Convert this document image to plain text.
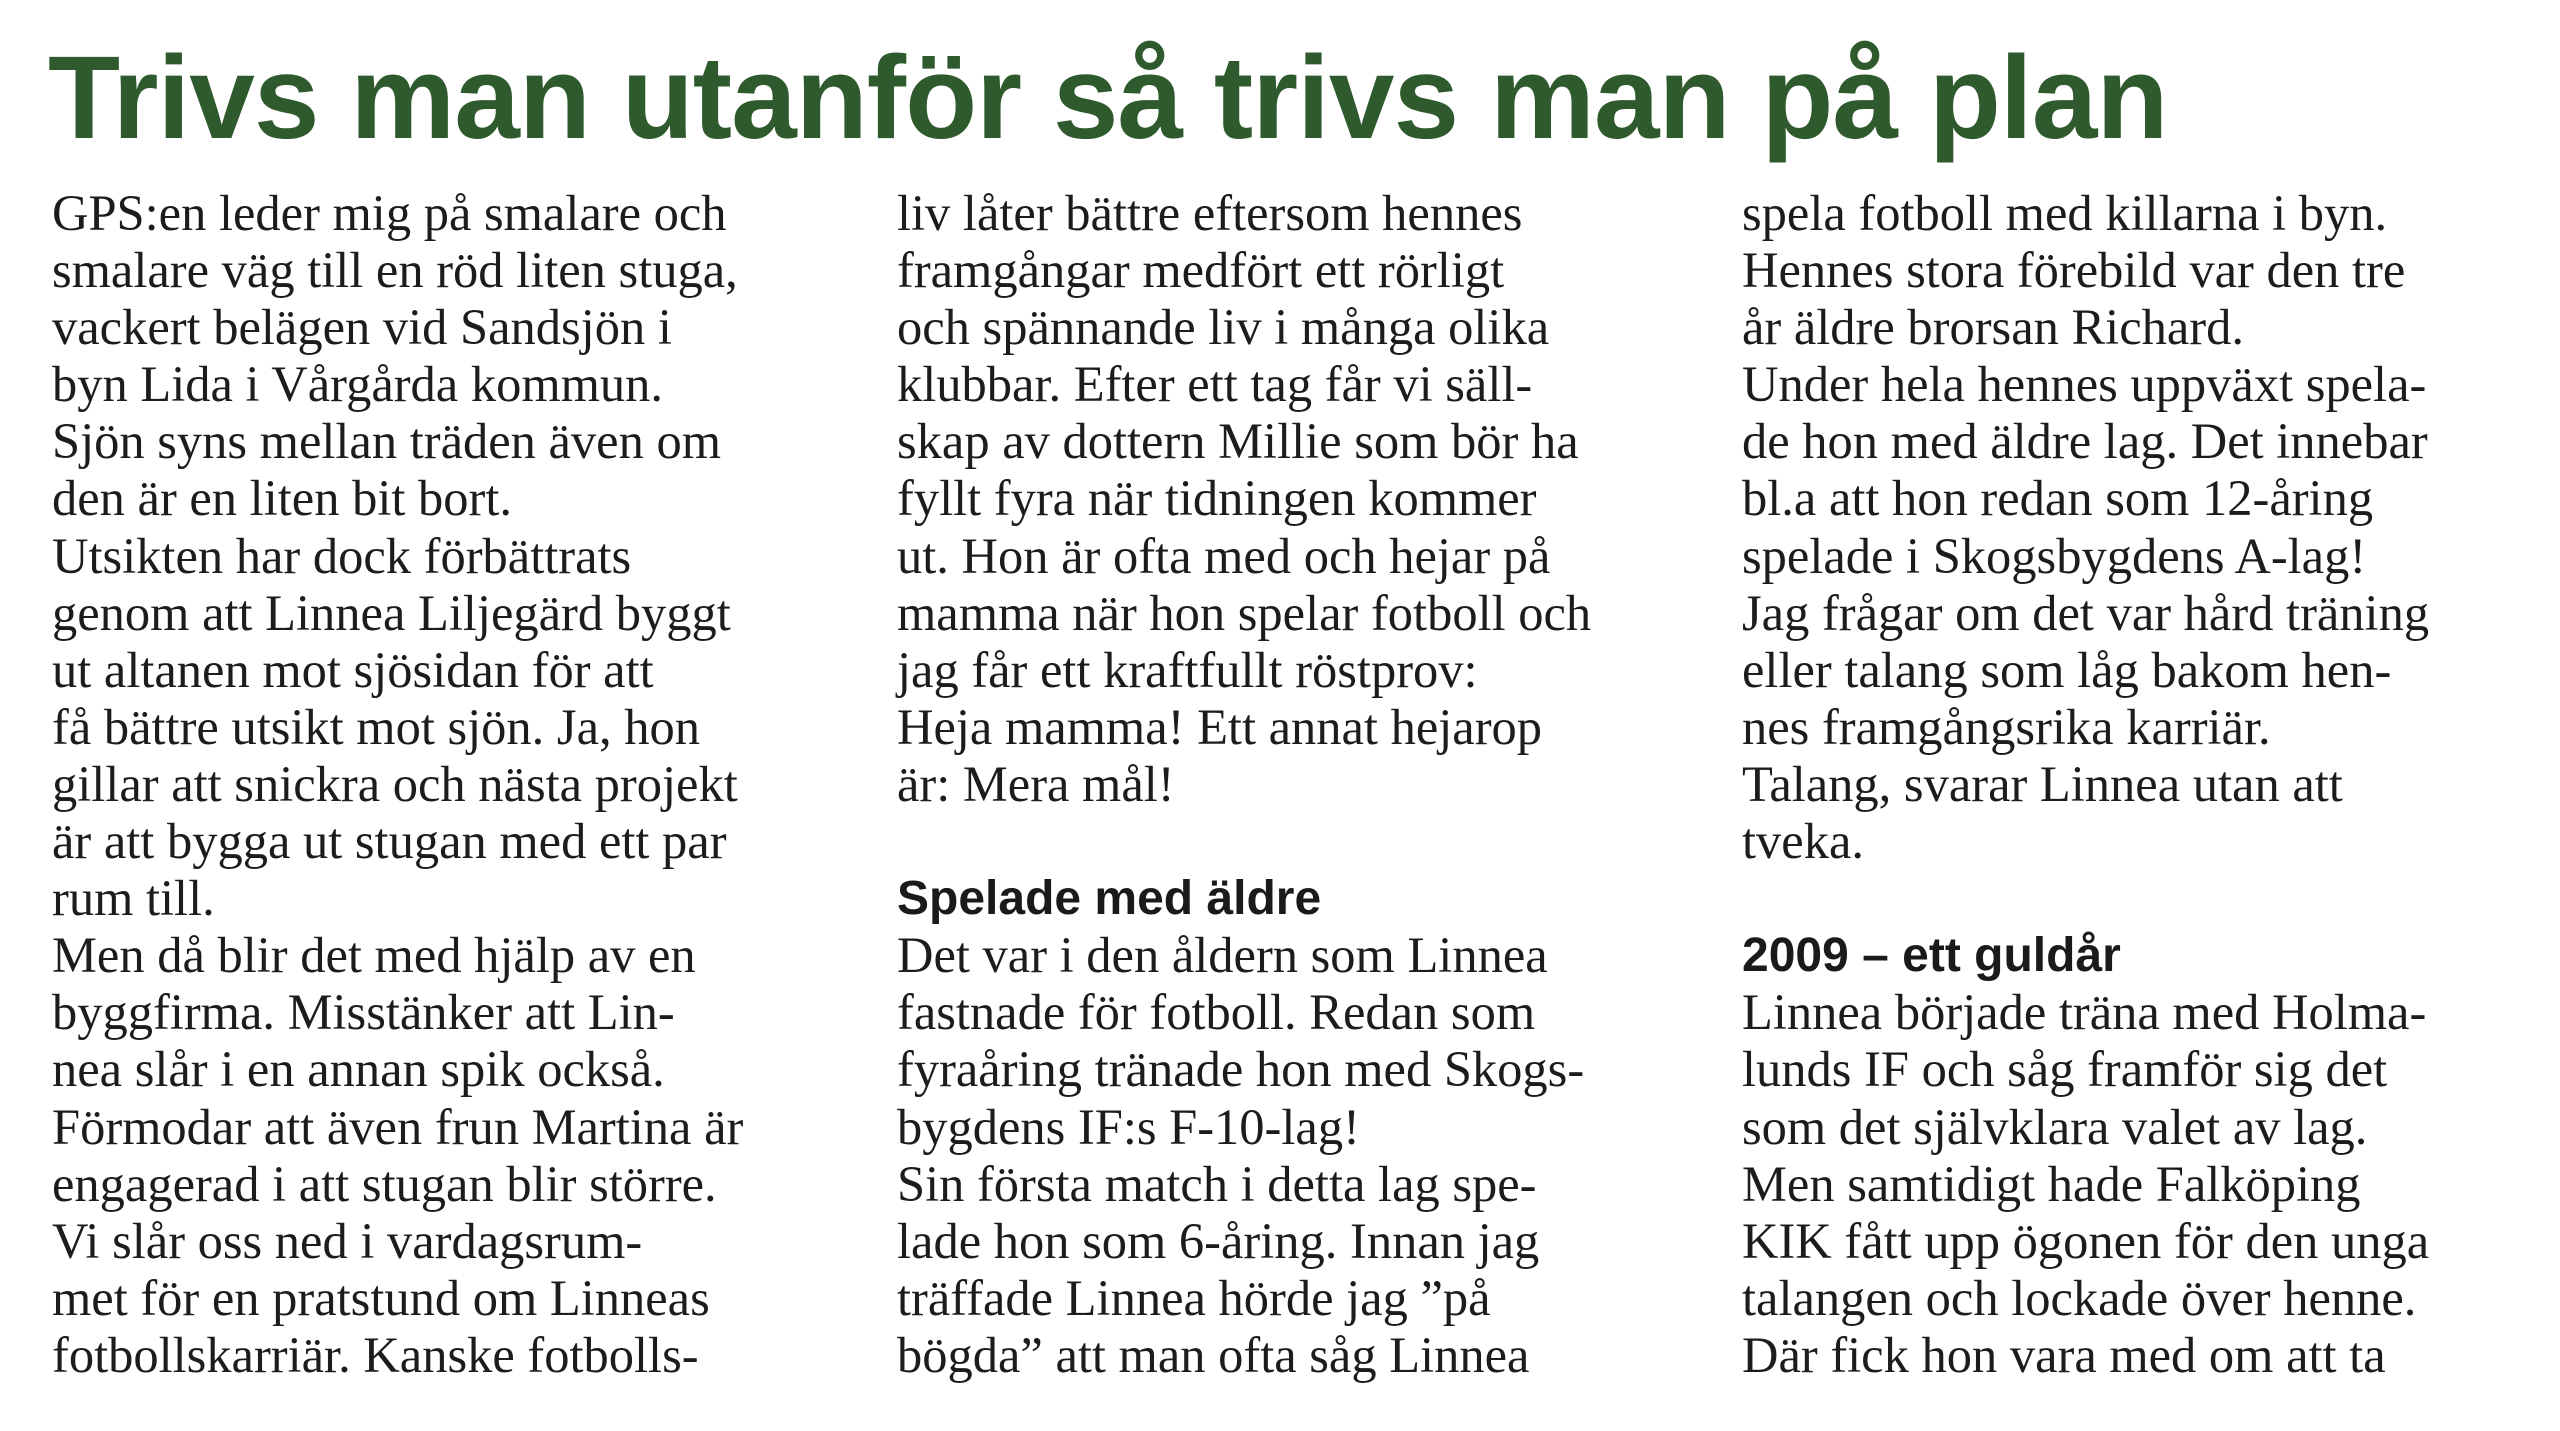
Trivs man utanför så trivs man på plan
GPS:en leder mig på smalare och
smalare väg till en röd liten stuga,
vackert belägen vid Sandsjön i
byn Lida i Vårgårda kommun.
Sjön syns mellan träden även om
den är en liten bit bort.
Utsikten har dock förbättrats
genom att Linnea Liljegärd byggt
ut altanen mot sjösidan för att
få bättre utsikt mot sjön. Ja, hon
gillar att snickra och nästa projekt
är att bygga ut stugan med ett par
rum till.
Men då blir det med hjälp av en
byggfirma. Misstänker att Lin-
nea slår i en annan spik också.
Förmodar att även frun Martina är
engagerad i att stugan blir större.
Vi slår oss ned i vardagsrum-
met för en pratstund om Linneas
fotbollskarriär. Kanske fotbolls-
liv låter bättre eftersom hennes
framgångar medfört ett rörligt
och spännande liv i många olika
klubbar. Efter ett tag får vi säll-
skap av dottern Millie som bör ha
fyllt fyra när tidningen kommer
ut. Hon är ofta med och hejar på
mamma när hon spelar fotboll och
jag får ett kraftfullt röstprov:
Heja mamma! Ett annat hejarop
är: Mera mål!
Spelade med äldre
Det var i den åldern som Linnea
fastnade för fotboll. Redan som
fyraåring tränade hon med Skogs-
bygdens IF:s F-10-lag!
Sin första match i detta lag spe-
lade hon som 6-åring. Innan jag
träffade Linnea hörde jag ”på
bögda” att man ofta såg Linnea
spela fotboll med killarna i byn.
Hennes stora förebild var den tre
år äldre brorsan Richard.
Under hela hennes uppväxt spela-
de hon med äldre lag. Det innebar
bl.a att hon redan som 12-åring
spelade i Skogsbygdens A-lag!
Jag frågar om det var hård träning
eller talang som låg bakom hen-
nes framgångsrika karriär.
Talang, svarar Linnea utan att
tveka.
2009 – ett guldår
Linnea började träna med Holma-
lunds IF och såg framför sig det
som det självklara valet av lag.
Men samtidigt hade Falköping
KIK fått upp ögonen för den unga
talangen och lockade över henne.
Där fick hon vara med om att ta
